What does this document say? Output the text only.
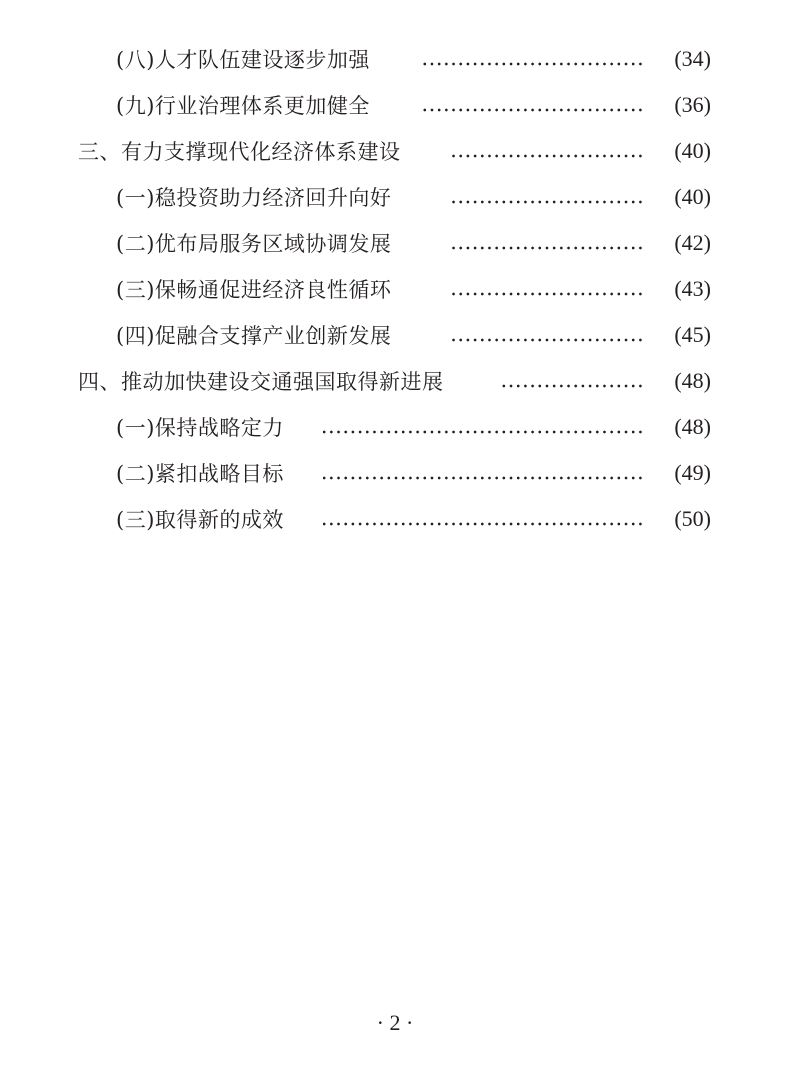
(八) 人才队伍建设逐步加强	(34)
(九) 行业治理体系更加健全	(36)
三、 有力支撑现代化经济体系建设	(40)
(一) 稳投资助力经济回升向好	(40)
(二) 优布局服务区域协调发展	(42)
(三) 保畅通促进经济良性循环	(43)
(四) 促融合支撑产业创新发展	(45)
四、 推动加快建设交通强国取得新进展	(48)
(一) 保持战略定力	(48)
(二) 紧扣战略目标	(49)
(三) 取得新的成效	(50)
· 2 ·
